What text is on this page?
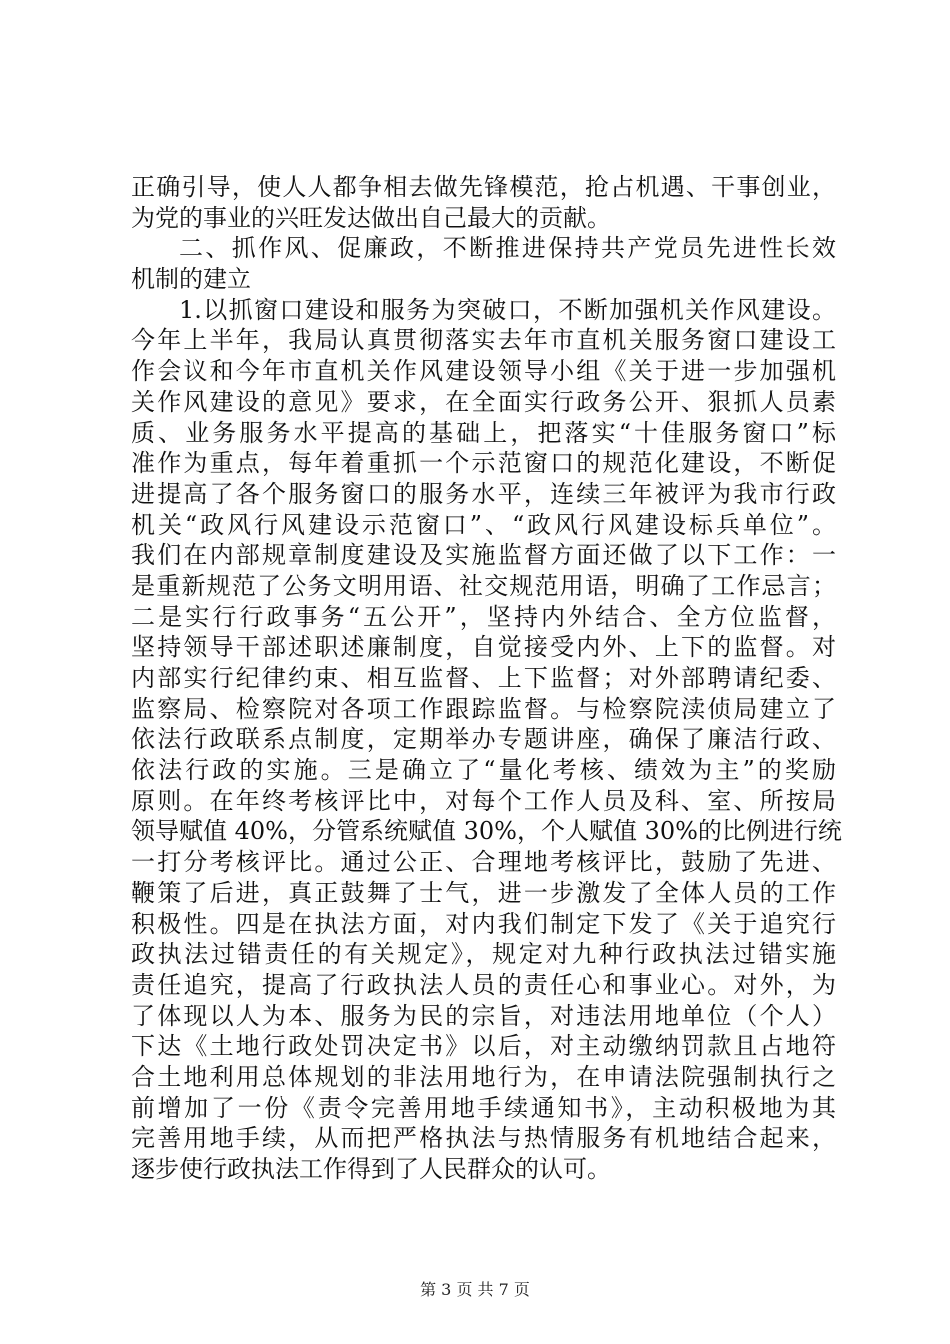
正确引导，使人人都争相去做先锋模范，抢占机遇、干事创业，
为党的事业的兴旺发达做出自己最大的贡献。
二、抓作风、促廉政，不断推进保持共产党员先进性长效
机制的建立
1.以抓窗口建设和服务为突破口，不断加强机关作风建设。
今年上半年，我局认真贯彻落实去年市直机关服务窗口建设工
作会议和今年市直机关作风建设领导小组《关于进一步加强机
关作风建设的意见》要求，在全面实行政务公开、狠抓人员素
质、业务服务水平提高的基础上，把落实“十佳服务窗口”标
准作为重点，每年着重抓一个示范窗口的规范化建设，不断促
进提高了各个服务窗口的服务水平，连续三年被评为我市行政
机关“政风行风建设示范窗口”、“政风行风建设标兵单位”。
我们在内部规章制度建设及实施监督方面还做了以下工作：一
是重新规范了公务文明用语、社交规范用语，明确了工作忌言；
二是实行行政事务“五公开”，坚持内外结合、全方位监督，
坚持领导干部述职述廉制度，自觉接受内外、上下的监督。对
内部实行纪律约束、相互监督、上下监督；对外部聘请纪委、
监察局、检察院对各项工作跟踪监督。与检察院渎侦局建立了
依法行政联系点制度，定期举办专题讲座，确保了廉洁行政、
依法行政的实施。三是确立了“量化考核、绩效为主”的奖励
原则。在年终考核评比中，对每个工作人员及科、室、所按局
领导赋值 40%，分管系统赋值 30%，个人赋值 30%的比例进行统
一打分考核评比。通过公正、合理地考核评比，鼓励了先进、
鞭策了后进，真正鼓舞了士气，进一步激发了全体人员的工作
积极性。四是在执法方面，对内我们制定下发了《关于追究行
政执法过错责任的有关规定》，规定对九种行政执法过错实施
责任追究，提高了行政执法人员的责任心和事业心。对外，为
了体现以人为本、服务为民的宗旨，对违法用地单位（个人）
下达《土地行政处罚决定书》以后，对主动缴纳罚款且占地符
合土地利用总体规划的非法用地行为，在申请法院强制执行之
前增加了一份《责令完善用地手续通知书》，主动积极地为其
完善用地手续，从而把严格执法与热情服务有机地结合起来，
逐步使行政执法工作得到了人民群众的认可。
第 3 页 共 7 页
